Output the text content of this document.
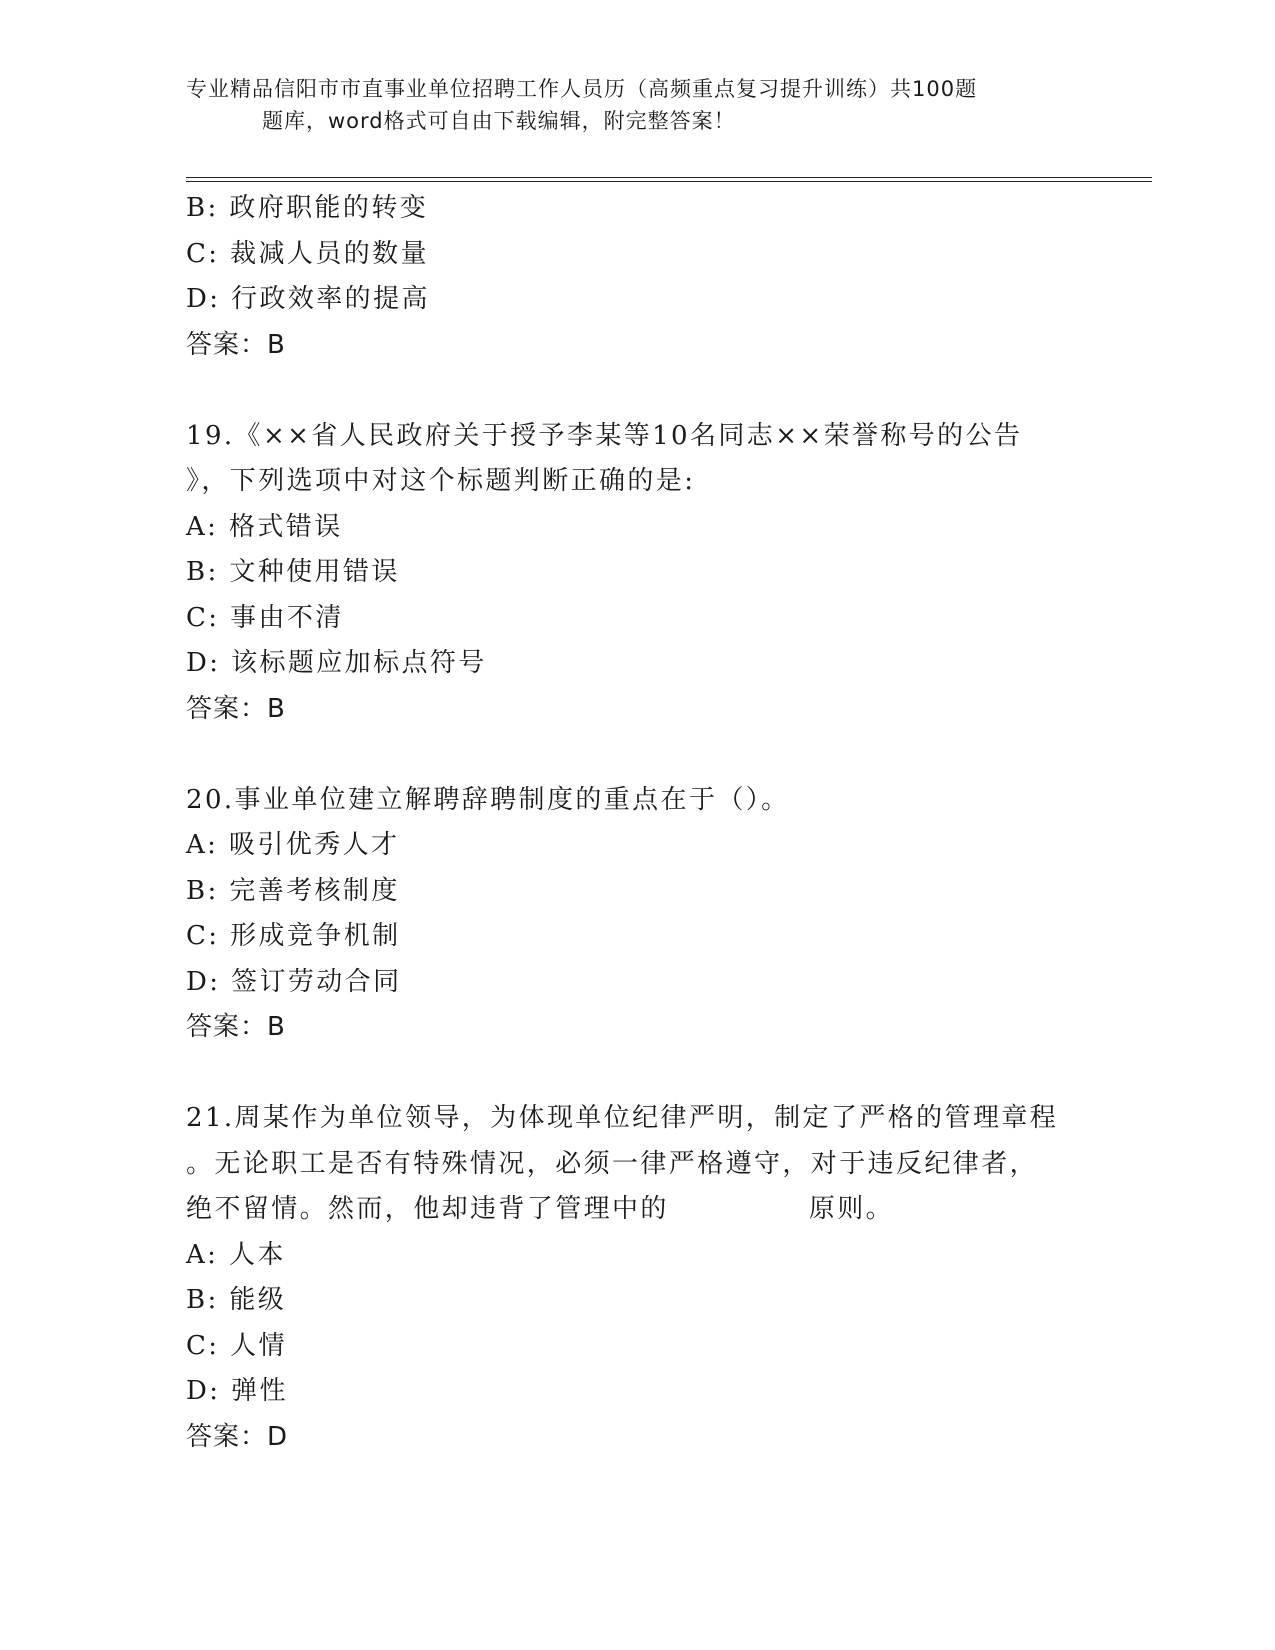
专业精品信阳市市直事业单位招聘工作人员历（高频重点复习提升训练）共100题
题库，word格式可自由下载编辑，附完整答案！
B: 政府职能的转变
C: 裁减人员的数量
D: 行政效率的提高
答案：B
19.《××省人民政府关于授予李某等10名同志××荣誉称号的公告
》，下列选项中对这个标题判断正确的是:
A: 格式错误
B: 文种使用错误
C: 事由不清
D: 该标题应加标点符号
答案：B
20.事业单位建立解聘辞聘制度的重点在于（）。
A: 吸引优秀人才
B: 完善考核制度
C: 形成竞争机制
D: 签订劳动合同
答案：B
21.周某作为单位领导，为体现单位纪律严明，制定了严格的管理章程
。无论职工是否有特殊情况，必须一律严格遵守，对于违反纪律者，
绝不留情。然而，他却违背了管理中的	原则。
A: 人本
B: 能级
C: 人情
D: 弹性
答案：D
